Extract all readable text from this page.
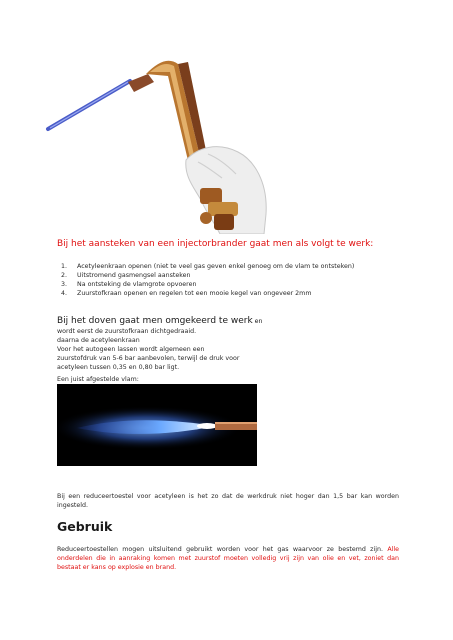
Bij het aansteken van een injectorbrander gaat men als volgt te werk:
1. Acetyleenkraan openen (niet te veel gas geven enkel genoeg om de vlam te ontsteken)
2. Uitstromend gasmengsel aansteken
3. Na ontsteking de vlamgrote opvoeren
4. Zuurstofkraan openen en regelen tot een mooie kegel van ongeveer 2mm
Bij het doven gaat men omgekeerd te werk en
wordt eerst de zuurstofkraan dichtgedraaid.
daarna de acetyleenkraan
Voor het autogeen lassen wordt algemeen een
zuurstofdruk van 5-6 bar aanbevolen, terwijl de druk voor
acetyleen tussen 0,35 en 0,80 bar ligt.
Een juist afgestelde vlam:
Bij een reduceertoestel voor acetyleen is het zo dat de werkdruk niet hoger dan 1,5 bar kan worden ingesteld.
Gebruik
Reduceertoestellen mogen uitsluitend gebruikt worden voor het gas waarvoor ze bestemd zijn. Alle onderdelen die in aanraking komen met zuurstof moeten volledig vrij zijn van olie en vet, zoniet dan bestaat er kans op explosie en brand.
